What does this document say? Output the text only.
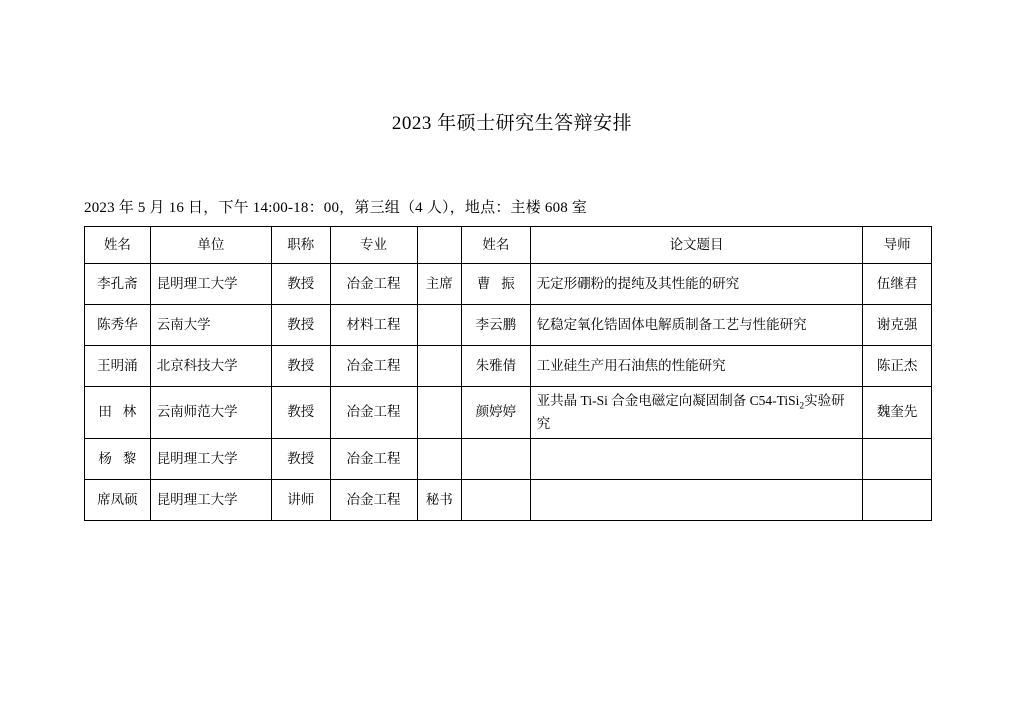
2023 年硕士研究生答辩安排
2023 年 5 月 16 日，下午 14:00-18：00，第三组（4 人），地点：主楼 608 室
姓名	单位	职称	专业		姓名	论文题目	导师
李孔斋	昆明理工大学	教授	冶金工程	主席	曹 振	无定形硼粉的提纯及其性能的研究	伍继君
陈秀华	云南大学	教授	材料工程		李云鹏	钇稳定氧化锆固体电解质制备工艺与性能研究	谢克强
王明涌	北京科技大学	教授	冶金工程		朱雅倩	工业硅生产用石油焦的性能研究	陈正杰
田 林	云南师范大学	教授	冶金工程		颜婷婷	亚共晶 Ti-Si 合金电磁定向凝固制备 C54-TiSi$_2$实验研究	魏奎先
杨 黎	昆明理工大学	教授	冶金工程				
席凤硕	昆明理工大学	讲师	冶金工程	秘书			
